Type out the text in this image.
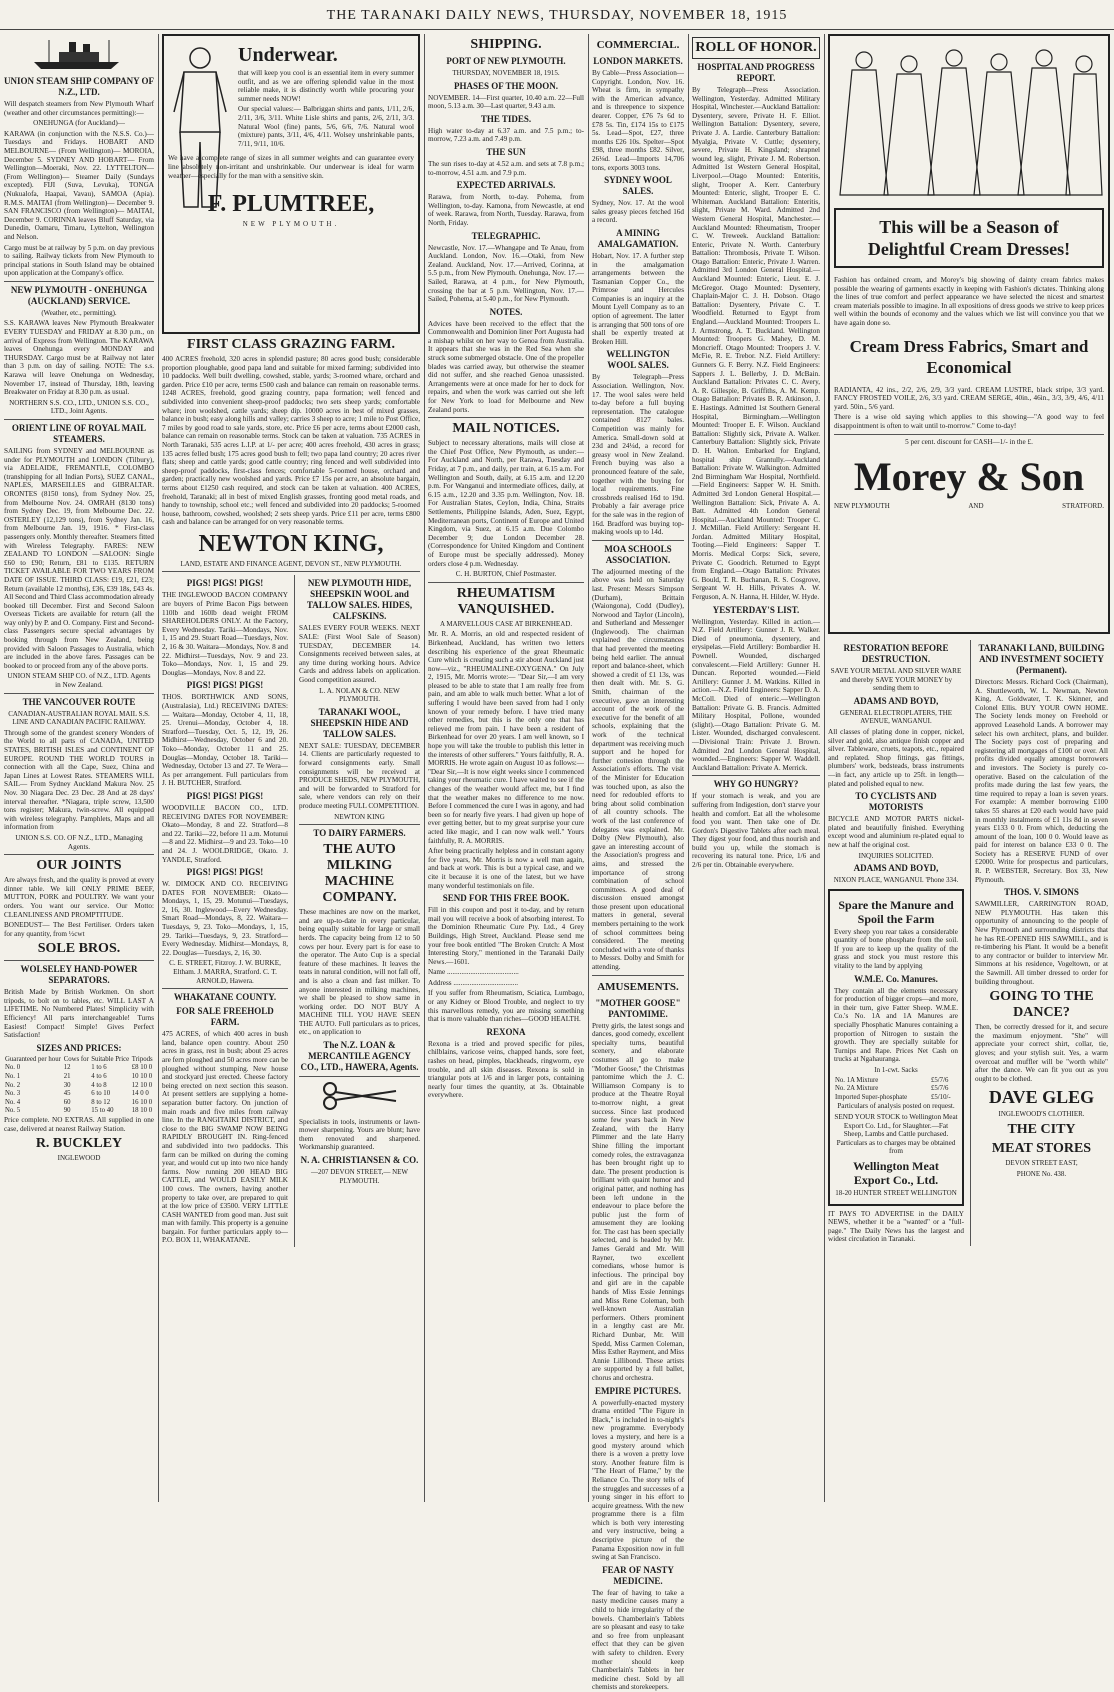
THE TARANAKI DAILY NEWS, THURSDAY, NOVEMBER 18, 1915
UNION STEAM SHIP COMPANY OF N.Z., LTD.
Will despatch steamers from New Plymouth Wharf (weather and other circumstances permitting):—
ONEHUNGA (for Auckland)—
KARAWA (in conjunction with the N.S.S. Co.)—Tuesdays and Fridays. HOBART AND MELBOURNE— (From Wellington)— MOROIA, December 5. SYDNEY AND HOBART— From Wellington—Moeraki, Nov. 22. LYTTELTON— (From Wellington)— Steamer Daily (Sundays excepted). FIJI (Suva, Levuka), TONGA (Nukualofa, Haapai, Vavau), SAMOA (Apia). R.M.S. MAITAI (from Wellington)— December 9. SAN FRANCISCO (from Wellington)— MAITAI, December 9. CORINNA leaves Bluff Saturday, via Dunedin, Oamaru, Timaru, Lyttelton, Wellington and Nelson.
Cargo must be at railway by 5 p.m. on day previous to sailing. Railway tickets from New Plymouth to principal stations in South Island may be obtained upon application at the Company's office.
NEW PLYMOUTH - ONEHUNGA (AUCKLAND) SERVICE.
(Weather, etc., permitting).
S.S. KARAWA leaves New Plymouth Breakwater EVERY TUESDAY and FRIDAY at 8.30 p.m., on arrival of Express from Wellington. The KARAWA leaves Onehunga every MONDAY and THURSDAY. Cargo must be at Railway not later than 3 p.m. on day of sailing. NOTE: The s.s. Karawa will leave Onehunga on Wednesday, November 17, instead of Thursday, 18th, leaving Breakwater on Friday at 8.30 p.m. as usual.
NORTHERN S.S. CO., LTD., UNION S.S. CO., LTD., Joint Agents.
ORIENT LINE OF ROYAL MAIL STEAMERS.
SAILING from SYDNEY and MELBOURNE as under for PLYMOUTH and LONDON (Tilbury), via ADELAIDE, FREMANTLE, COLOMBO (transhipping for all Indian Ports), SUEZ CANAL, NAPLES, MARSEILLES and GIBRALTAR. ORONTES (8150 tons), from Sydney Nov. 25, from Melbourne Nov. 24. OMRAH (8130 tons) from Sydney Dec. 19, from Melbourne Dec. 22. OSTERLEY (12,129 tons), from Sydney Jan. 16, from Melbourne Jan. 19, 1916. * First-class passengers only. Monthly thereafter. Steamers fitted with Wireless Telegraphy. FARES: NEW ZEALAND TO LONDON —SALOON: Single £60 to £90; Return, £81 to £135. RETURN TICKET AVAILABLE FOR TWO YEARS FROM DATE OF ISSUE. THIRD CLASS: £19, £21, £23; Return (available 12 months), £36, £39 18s, £43 4s. All Second and Third Class accommodation already booked till December. First and Second Saloon Overseas Tickets are available for return (all the way only) by P. and O. Company. First and Second-class Passengers secure special advantages by booking through from New Zealand, being provided with Saloon Passages to Australia, which are included in the above fares. Passages can be booked to or proceed from any of the above ports.
UNION STEAM SHIP CO. of N.Z., LTD. Agents in New Zealand.
THE VANCOUVER ROUTE
CANADIAN-AUSTRALIAN ROYAL MAIL S.S. LINE AND CANADIAN PACIFIC RAILWAY.
Through some of the grandest scenery Wonders of the World to all parts of CANADA, UNITED STATES, BRITISH ISLES and CONTINENT OF EUROPE. ROUND THE WORLD TOURS in connection with all the Cape, Suez, China and Japan Lines at Lowest Rates. STEAMERS WILL SAIL— From Sydney Auckland Makura Nov. 25 Nov. 30 Niagara Dec. 23 Dec. 28 And at 28 days' interval thereafter. *Niagara, triple screw, 13,500 tons register; Makura, twin-screw. All equipped with wireless telegraphy. Pamphlets, Maps and all information from
UNION S.S. CO. OF N.Z., LTD., Managing Agents.
OUR JOINTS
Are always fresh, and the quality is proved at every dinner table. We kill ONLY PRIME BEEF, MUTTON, PORK and POULTRY. We want your orders. You want our service. Our Motto: CLEANLINESS AND PROMPTITUDE.
BONEDUST— The Best Fertiliser. Orders taken for any quantity, from ½cwt
SOLE BROS.
WOLSELEY HAND-POWER SEPARATORS.
British Made by British Workmen. On short tripods, to bolt on to tables, etc. WILL LAST A LIFETIME. No Numbered Plates! Simplicity with Efficiency! All parts interchangeable! Turns Easiest! Compact! Simple! Gives Perfect Satisfaction!
SIZES AND PRICES:
Guaranteed per hour	Cows for	Suitable Price	Tripods
No. 0	12	1 to 6	£8 10 0
No. 1	21	4 to 6	10 10 0
No. 2	30	4 to 8	12 10 0
No. 3	45	6 to 10	14 0 0
No. 4	60	8 to 12	16 10 0
No. 5	90	15 to 40	18 10 0
Price complete. NO EXTRAS. All supplied in one case, delivered at nearest Railway Station.
R. BUCKLEY
INGLEWOOD
Underwear.
that will keep you cool is an essential item in every summer outfit, and as we are offering splendid value in the most reliable make, it is distinctly worth while procuring your summer needs NOW!
Our special values:— Balbriggan shirts and pants, 1/11, 2/6, 2/11, 3/6, 3/11. White Lisle shirts and pants, 2/6, 2/11, 3/3. Natural Wool (fine) pants, 5/6, 6/6, 7/6. Natural wool (mixture) pants, 3/11, 4/6, 4/11. Wolsey unshrinkable pants, 7/11, 9/11, 10/6.
We have a complete range of sizes in all summer weights and can guarantee every line absolutely non-irritant and unshrinkable. Our underwear is ideal for warm weather—especially for the man with a sensitive skin.
F. PLUMTREE,
NEW PLYMOUTH.
FIRST CLASS GRAZING FARM.
400 ACRES freehold, 320 acres in splendid pasture; 80 acres good bush; considerable proportion ploughable, good papa land and suitable for mixed farming; subdivided into 10 paddocks. Well built dwelling, cowshed, stable, yards; 3-roomed whare, orchard and garden. Price £10 per acre, terms £500 cash and balance can remain on reasonable terms. 1248 ACRES, freehold, good grazing country, papa formation; well fenced and subdivided into convenient sheep-proof paddocks; two sets sheep yards; comfortable whare; iron woolshed, cattle yards; sheep dip. 10000 acres in best of mixed grasses, balance in bush; easy along hills and valley; carries 3 sheep to acre; 1 mile to Post Office, 7 miles by good road to sale yards, store, etc. Price £6 per acre, terms about £2000 cash, balance can remain on reasonable terms. Stock can be taken at valuation. 735 ACRES in North Taranaki, 535 acres L.I.P. at 1/- per acre; 400 acres freehold, 430 acres in grass; 135 acres felled bush; 175 acres good bush to fell; two papa land country; 20 acres river flats; sheep and cattle yards; good cattle country; ring fenced and well subdivided into sheep-proof paddocks, first-class fences; comfortable 5-roomed house, orchard and garden; practically new woolshed and yards. Price £7 15s per acre, an absolute bargain, terms about £1250 cash required, and stock can be taken at valuation. 400 ACRES, freehold, Taranaki; all in best of mixed English grasses, fronting good metal roads, and handy to township, school etc.; well fenced and subdivided into 20 paddocks; 5-roomed house, bathroom, cowshed, woolshed; 2 sets sheep yards. Price £11 per acre, terms £800 cash and balance can be arranged for on very reasonable terms.
NEWTON KING,
LAND, ESTATE AND FINANCE AGENT, DEVON ST., NEW PLYMOUTH.
PIGS! PIGS! PIGS!
THE INGLEWOOD BACON COMPANY are buyers of Prime Bacon Pigs between 110lb and 160lb dead weight FROM SHAREHOLDERS ONLY. At the Factory, Every Wednesday. Tariki—Mondays, Nov. 1, 15 and 29. Stuart Road—Tuesdays, Nov. 2, 16 & 30. Waitara—Mondays, Nov. 8 and 22. Midhirst—Tuesdays, Nov. 9 and 23. Toko—Mondays, Nov. 1, 15 and 29. Douglas—Mondays, Nov. 8 and 22.
PIGS! PIGS! PIGS!
THOS. BORTHWICK AND SONS, (Australasia), Ltd.) RECEIVING DATES:— Waitara—Monday, October 4, 11, 18, 25. Urenui—Monday, October 4, 18. Stratford—Tuesday, Oct. 5, 12, 19, 26. Midhirst—Wednesday, October 6 and 20. Toko—Monday, October 11 and 25. Douglas—Monday, October 18. Tariki—Wednesday, October 13 and 27. Te Wera—As per arrangement. Full particulars from J. H. BUTCHER, Stratford.
PIGS! PIGS! PIGS!
WOODVILLE BACON CO., LTD. RECEIVING DATES FOR NOVEMBER: Okato—Monday, 8 and 22. Stratford—8 and 22. Tariki—22, before 11 a.m. Motunui—8 and 22. Midhirst—9 and 23. Toko—10 and 24. J. WOOLDRIDGE, Okato. J. YANDLE, Stratford.
PIGS! PIGS! PIGS!
W. DIMOCK AND CO. RECEIVING DATES FOR NOVEMBER: Okato—Mondays, 1, 15, 29. Motunui—Tuesdays, 2, 16, 30. Inglewood—Every Wednesday. Smart Road—Mondays, 8, 22. Waitara—Tuesdays, 9, 23. Toko—Mondays, 1, 15, 29. Tariki—Tuesdays, 9, 23. Stratford—Every Wednesday. Midhirst—Mondays, 8, 22. Douglas—Tuesdays, 2, 16, 30.
C. E. STREET, Fitzroy. J. W. BURKE, Eltham. J. MARRA, Stratford. C. T. ARNOLD, Hawera.
WHAKATANE COUNTY.
FOR SALE FREEHOLD FARM.
475 ACRES, of which 400 acres in bush land, balance open country. About 250 acres in grass, rest in bush; about 25 acres are fern ploughed and 50 acres more can be ploughed without stumping. New house and stockyard just erected. Cheese factory being erected on next section this season. At present settlers are supplying a home-separation butter factory. On junction of main roads and five miles from railway line. In the RANGITAIKI DISTRICT, and close to the BIG SWAMP NOW BEING RAPIDLY BROUGHT IN. Ring-fenced and subdivided into two paddocks. This farm can be milked on during the coming year, and would cut up into two nice handy farms. Now running 200 HEAD BIG CATTLE, and WOULD EASILY MILK 100 cows. The owners, having another property to take over, are prepared to quit at the low price of £3500. VERY LITTLE CASH WANTED from good man. Just suit man with family. This property is a genuine bargain. For further particulars apply to— P.O. BOX 11, WHAKATANE.
NEW PLYMOUTH HIDE, SHEEPSKIN WOOL and TALLOW SALES. HIDES, CALFSKINS.
SALES EVERY FOUR WEEKS. NEXT SALE: (First Wool Sale of Season) TUESDAY, DECEMBER 14. Consignments received between sales, at any time during working hours. Advice Cards and address labels on application. Good competition assured.
L. A. NOLAN & CO. NEW PLYMOUTH.
TARANAKI WOOL, SHEEPSKIN HIDE AND TALLOW SALES.
NEXT SALE: TUESDAY, DECEMBER 14. Clients are particularly requested to forward consignments early. Small consignments will be received at PRODUCE SHEDS, NEW PLYMOUTH, and will be forwarded to Stratford for sale, where vendors can rely on their produce meeting FULL COMPETITION.
NEWTON KING
TO DAIRY FARMERS.
THE AUTO MILKING MACHINE COMPANY.
These machines are now on the market, and are up-to-date in every particular, being equally suitable for large or small herds. The capacity being from 12 to 50 cows per hour. Every part is for ease to the operator. The Auto Cup is a special feature of these machines. It leaves the teats in natural condition, will not fall off, and is also a clean and fast milker. To anyone interested in milking machines, we shall be pleased to show same in working order. DO NOT BUY A MACHINE TILL YOU HAVE SEEN THE AUTO. Full particulars as to prices, etc., on application to
The N.Z. LOAN & MERCANTILE AGENCY CO., LTD., HAWERA, Agents.
Specialists in tools, instruments or lawn-mower sharpening. Yours are blunt; have them renovated and sharpened. Workmanship guaranteed.
N. A. CHRISTIANSEN & CO.
—207 DEVON STREET,— NEW PLYMOUTH.
SHIPPING.
PORT OF NEW PLYMOUTH.
THURSDAY, NOVEMBER 18, 1915.
PHASES OF THE MOON.
NOVEMBER. 14—First quarter, 10.40 a.m. 22—Full moon, 5.13 a.m. 30—Last quarter, 9.43 a.m.
THE TIDES.
High water to-day at 6.37 a.m. and 7.5 p.m.; to-morrow, 7.23 a.m. and 7.49 p.m.
THE SUN
The sun rises to-day at 4.52 a.m. and sets at 7.8 p.m.; to-morrow, 4.51 a.m. and 7.9 p.m.
EXPECTED ARRIVALS.
Rarawa, from North, to-day. Pohema, from Wellington, to-day. Kamona, from Newcastle, at end of week. Rarawa, from North, Tuesday. Rarawa, from North, Friday.
TELEGRAPHIC.
Newcastle, Nov. 17.—Whangape and Te Anau, from Auckland. London, Nov. 16.—Otaki, from New Zealand. Auckland, Nov. 17.—Arrived, Corinna, at 5.5 p.m., from New Plymouth. Onehunga, Nov. 17.—Sailed, Rarawa, at 4 p.m., for New Plymouth, crossing the bar at 5 p.m. Wellington, Nov. 17.—Sailed, Pohema, at 5.40 p.m., for New Plymouth.
NOTES.
Advices have been received to the effect that the Commonwealth and Dominion liner Port Augusta had a mishap whilst on her way to Genoa from Australia. It appears that she was in the Red Sea when she struck some submerged obstacle. One of the propeller blades was carried away, but otherwise the steamer did not suffer, and she reached Genoa unassisted. Arrangements were at once made for her to dock for repairs, and when the work was carried out she left for New York to load for Melbourne and New Zealand ports.
MAIL NOTICES.
Subject to necessary alterations, mails will close at the Chief Post Office, New Plymouth, as under:— For Auckland and North, per Rarawa, Tuesday and Friday, at 7 p.m., and daily, per train, at 6.15 a.m. For Wellington and South, daily, at 6.15 a.m. and 12.20 p.m. For Wanganui and intermediate offices, daily, at 6.15 a.m., 12.20 and 3.35 p.m. Wellington, Nov. 18. For Australian States, Ceylon, India, China, Straits Settlements, Philippine Islands, Aden, Suez, Egypt, Mediterranean ports, Continent of Europe and United Kingdom, via Suez, at 6.15 a.m. Due Colombo December 9; due London December 28. (Correspondence for United Kingdom and Continent of Europe must be specially addressed). Money orders close 4 p.m. Wednesday.
C. H. BURTON, Chief Postmaster.
RHEUMATISM VANQUISHED.
A MARVELLOUS CASE AT BIRKENHEAD.
Mr. R. A. Morris, an old and respected resident of Birkenhead, Auckland, has written two letters describing his experience of the great Rheumatic Cure which is creating such a stir about Auckland just now—viz., "RHEUMALINE-OXYGENA." On July 2, 1915, Mr. Morris wrote:— "Dear Sir,—I am very pleased to be able to state that I am really free from pain, and am able to walk much better. What a lot of suffering I would have been saved from had I only known of your remedy before. I have tried many other remedies, but this is the only one that has relieved me from pain. I have been a resident of Birkenhead for over 20 years. I am well known, so I hope you will take the trouble to publish this letter in the interests of other sufferers." Yours faithfully, R. A. MORRIS. He wrote again on August 10 as follows:— "Dear Sir,—It is now eight weeks since I commenced taking your rheumatic cure. I have waited to see if the changes of the weather would affect me, but I find that the weather makes no difference to me now. Before I commenced the cure I was in agony, and had been so for nearly five years. I had given up hope of ever getting better, but to my great surprise your cure acted like magic, and I can now walk well." Yours faithfully, R. A. MORRIS.
After being practically helpless and in constant agony for five years, Mr. Morris is now a well man again, and back at work. This is but a typical case, and we cite it because it is one of the latest, but we have many wonderful testimonials on file.
SEND FOR THIS FREE BOOK.
Fill in this coupon and post it to-day, and by return mail you will receive a book of absorbing interest. To the Dominion Rheumatic Cure Pty. Ltd., 4 Grey Buildings, High Street, Auckland. Please send me your free book entitled "The Broken Crutch: A Most Interesting Story," mentioned in the Taranaki Daily News.—1601.
Name ........................................
Address ....................................
If you suffer from Rheumatism, Sciatica, Lumbago, or any Kidney or Blood Trouble, and neglect to try this marvellous remedy, you are missing something that is more valuable than riches—GOOD HEALTH.
REXONA
Rexona is a tried and proved specific for piles, chilblains, varicose veins, chapped hands, sore feet, rashes on head, pimples, blackheads, ringworm, eye trouble, and all skin diseases. Rexona is sold in triangular pots at 1/6 and in larger pots, containing nearly four times the quantity, at 3s. Obtainable everywhere.
COMMERCIAL.
LONDON MARKETS.
By Cable—Press Association—Copyright. London, Nov. 16. Wheat is firm, in sympathy with the American advance, and is threepence to sixpence dearer. Copper, £76 7s 6d to £78 5s. Tin, £174 15s to £175 5s. Lead—Spot, £27, three months £26 10s. Spelter—Spot £98, three months £82. Silver, 26⅛d. Lead—Imports 14,706 tons, exports 3003 tons.
SYDNEY WOOL SALES.
Sydney, Nov. 17. At the wool sales greasy pieces fetched 16d a record.
A MINING AMALGAMATION.
Hobart, Nov. 17. A further step in the amalgamation arrangements between the Tasmanian Copper Co., the Primrose and Hercules Companies is an inquiry at the Mount Lyell Company as to an option of agreement. The latter is arranging that 500 tons of ore shall be expertly treated at Broken Hill.
WELLINGTON WOOL SALES.
By Telegraph—Press Association. Wellington, Nov. 17. The wool sales were held to-day before a full buying representation. The catalogue contained 8127 bales. Competition was mainly for America. Small-down sold at 23d and 24¼d, a record for greasy wool in New Zealand. French buying was also a pronounced feature of the sale, together with the buying for local requirements. Fine crossbreds realised 16d to 19d. Probably a fair average price for the sale was in the region of 16d. Bradford was buying top-making wools up to 14d.
MOA SCHOOLS ASSOCIATION.
The adjourned meeting of the above was held on Saturday last. Present: Messrs Simpson (Durham), Brittain (Waiongona), Codd (Dudley), Norwood and Taylor (Lincoln), and Sutherland and Messenger (Inglewood). The chairman explained the circumstances that had prevented the meeting being held earlier. The annual report and balance-sheet, which showed a credit of £1 13s, was then dealt with. Mr. S. G. Smith, chairman of the executive, gave an interesting account of the work of the executive for the benefit of all schools, explaining that the work of the technical department was receiving much support and he hoped for further cottesion through the Association's efforts. The visit of the Minister for Education was touched upon, as also the need for redoubled efforts to bring about solid combination of all country schools. The work of the last conference of delegates was explained. Mr. Dolby (New Plymouth), also gave an interesting account of the Association's progress and aims, and stressed the importance of strong combination of school committees. A good deal of discussion ensued amongst those present upon educational matters in general, several members pertaining to the work of school committees being considered. The meeting concluded with a vote of thanks to Messrs. Dolby and Smith for attending.
AMUSEMENTS.
"MOTHER GOOSE" PANTOMIME.
Pretty girls, the latest songs and dances, good comedy, excellent specialty turns, beautiful scenery, and elaborate costumes all go to make "Mother Goose," the Christmas pantomime which the J. C. Williamson Company is to produce at the Theatre Royal to-morrow night, a great success. Since last produced some few years back in New Zealand, with the Harry Plimmer and the late Harry Shine filling the important comedy roles, the extravaganza has been brought right up to date. The present production is brilliant with quaint humor and original patter, and nothing has been left undone in the endeavour to place before the public just the form of amusement they are looking for. The cast has been specially selected, and is headed by Mr. James Gerald and Mr. Will Rayner, two excellent comedians, whose humor is infectious. The principal boy and girl are in the capable hands of Miss Essie Jennings and Miss Rene Coleman, both well-known Australian performers. Others prominent in a lengthy cast are Mr. Richard Dunbar, Mr. Will Spedd, Miss Carmen Coleman, Miss Esther Rayment, and Miss Annie Lillibond. These artists are supported by a full ballet, chorus and orchestra.
EMPIRE PICTURES.
A powerfully-enacted mystery drama entitled "The Figure in Black," is included in to-night's new programme. Everybody loves a mystery, and here is a good mystery around which there is a woven a pretty love story. Another feature film is "The Heart of Flame," by the Reliance Co. The story tells of the struggles and successes of a young singer in his effort to acquire greatness. With the new programme there is a film which is both very interesting and very instructive, being a descriptive picture of the Panama Exposition now in full swing at San Francisco.
FEAR OF NASTY MEDICINE.
The fear of having to take a nasty medicine causes many a child to hide irregularity of the bowels. Chamberlain's Tablets are so pleasant and easy to take and so free from unpleasant effect that they can be given with safety to children. Every mother should keep Chamberlain's Tablets in her medicine chest. Sold by all chemists and storekeepers.
ROLL OF HONOR.
HOSPITAL AND PROGRESS REPORT.
By Telegraph—Press Association. Wellington, Yesterday. Admitted Military Hospital, Winchester.—Auckland Battalion: Dysentery, severe, Private H. F. Elliot. Wellington Battalion: Dysentery, severe, Private J. A. Lardie. Canterbury Battalion: Myalgia, Private V. Cuttle; dysentery, severe, Private H. Kingsland; shrapnel wound leg, slight, Private J. M. Robertson. Admitted 1st Western General Hospital, Liverpool.—Otago Mounted: Enteritis, slight, Trooper A. Kerr. Canterbury Mounted: Enteric, slight, Trooper E. C. Whiteman. Auckland Battalion: Enteritis, slight, Private M. Ward. Admitted 2nd Western General Hospital, Manchester.—Auckland Mounted: Rheumatism, Trooper C. W. Treweek. Auckland Battalion: Enteric, Private N. Worth. Canterbury Battalion: Thrombosis, Private T. Wilson. Otago Battalion: Enteric, Private J. Warren. Admitted 3rd London General Hospital.—Auckland Mounted: Enteric, Lieut. E. J. McGregor. Otago Mounted: Dysentery, Chaplain-Major C. J. H. Dobson. Otago Battalion: Dysentery, Private C. T. Woodfield. Returned to Egypt from England.—Auckland Mounted: Troopers L. J. Armstrong, A. T. Buckland. Wellington Mounted: Troopers G. Mahey, D. M. Moncrieff. Otago Mounted: Troopers J. V. McFie, R. E. Trebor. N.Z. Field Artillery: Gunners G. F. Berry. N.Z. Field Engineers: Sappers J. L. Bellerby, J. D. McBain. Auckland Battalion: Privates C. C. Avery, A. R. Gillespie, B. Griffiths, A. M. Kemp. Otago Battalion: Privates B. R. Atkinson, J. E. Hastings. Admitted 1st Southern General Hospital, Birmingham.—Wellington Mounted: Trooper E. F. Wilson. Auckland Battalion: Slightly sick, Private A. Walker. Canterbury Battalion: Slightly sick, Private D. H. Walton. Embarked for England, hospital ship Grantully.—Auckland Battalion: Private W. Walkington. Admitted 2nd Birmingham War Hospital, Northfield.—Field Engineers: Sapper W. H. Smith. Admitted 3rd London General Hospital.—Wellington Battalion: Sick, Private A. A. Batt. Admitted 4th London General Hospital.—Auckland Mounted: Trooper C. J. McMillan. Field Artillery: Sergeant H. Jordan. Admitted Military Hospital, Tooting.—Field Engineers: Sapper T. Morris. Medical Corps: Sick, severe, Private C. Goodrich. Returned to Egypt from England.—Otago Battalion: Privates G. Bould, T. R. Buchanan, R. S. Cosgrove, Sergeant W. H. Hills, Privates A. W. Ferguson, A. N. Hanna, H. Hilder, W. Hyde.
YESTERDAY'S LIST.
Wellington, Yesterday. Killed in action.—N.Z. Field Artillery: Gunner J. R. Walker. Died of pneumonia, dysentery, and erysipelas.—Field Artillery: Bombardier H. Pownell. Wounded, discharged convalescent.—Field Artillery: Gunner H. Duncan. Reported wounded.—Field Artillery: Gunner J. M. Watkins. Killed in action.—N.Z. Field Engineers: Sapper D. A. McColl. Died of enteric.—Wellington Battalion: Private G. B. Francis. Admitted Military Hospital, Pollone, wounded (slight).—Otago Battalion: Private G. M. Lister. Wounded, discharged convalescent.—Divisional Train: Private J. Brown. Admitted 2nd London General Hospital, wounded.—Engineers: Sapper W. Waddell. Auckland Battalion: Private A. Merrick.
WHY GO HUNGRY?
If your stomach is weak, and you are suffering from Indigestion, don't starve your health and comfort. Eat all the wholesome food you want. Then take one of Dr. Gordon's Digestive Tablets after each meal. They digest your food, and thus nourish and build you up, while the stomach is recovering its natural tone. Price, 1/6 and 2/6 per tin. Obtainable everywhere.
This will be a Season of Delightful Cream Dresses!
Fashion has ordained cream, and Morey's big showing of dainty cream fabrics makes possible the wearing of garments exactly in keeping with Fashion's dictates. Thinking along the lines of true comfort and perfect appearance we have selected the nicest and smartest cream materials possible to imagine. In all expositions of dress goods we strive to keep prices well within the bounds of economy and the values which we list will convince you that we have again done so.
Cream Dress Fabrics, Smart and Economical
RADIANTA, 42 ins., 2/2, 2/6, 2/9, 3/3 yard. CREAM LUSTRE, black stripe, 3/3 yard. FANCY FROSTED VOILE, 2/6, 3/3 yard. CREAM SERGE, 40in., 46in., 3/3, 3/9, 4/6, 4/11 yard. 50in., 5/6 yard.
There is a wise old saying which applies to this showing—"A good way to feel disappointment is often to wait until to-morrow." Come to-day!
5 per cent. discount for CASH—1/- in the £.
Morey & Son
NEW PLYMOUTH	AND	STRATFORD.
RESTORATION BEFORE DESTRUCTION.
SAVE YOUR METAL AND SILVER WARE and thereby SAVE YOUR MONEY by sending them to
ADAMS AND BOYD,
GENERAL ELECTROPLATERS, THE AVENUE, WANGANUI.
All classes of plating done in copper, nickel, silver and gold, also antique finish copper and silver. Tableware, cruets, teapots, etc., repaired and replated. Shop fittings, gas fittings, plumbers' work, bedsteads, brass instruments—in fact, any article up to 25ft. in length—plated and polished equal to new.
TO CYCLISTS AND MOTORISTS
BICYCLE AND MOTOR PARTS nickel-plated and beautifully finished. Everything except wood and aluminium re-plated equal to new at half the original cost.
INQUIRIES SOLICITED.
ADAMS AND BOYD,
NIXON PLACE, WANGANUI. 'Phone 334.
Spare the Manure and Spoil the Farm
Every sheep you rear takes a considerable quantity of bone phosphate from the soil. If you are to keep up the quality of the grass and stock you must restore this vitality to the land by applying
W.M.E. Co. Manures.
They contain all the elements necessary for production of bigger crops—and more, in their turn, give Fatter Sheep. W.M.E. Co.'s No. 1A and 1A Manures are specially Phosphatic Manures containing a proportion of Nitrogen to sustain the growth. They are specially suitable for Turnips and Rape. Prices Net Cash on trucks at Ngahauranga.
In 1-cwt. Sacks
No. 1A Mixture	£5/7/6
No. 2A Mixture	£5/7/6
Imported Super-phosphate	£5/10/-
Particulars of analysis posted on request.
SEND YOUR STOCK to Wellington Meat Export Co. Ltd., for Slaughter.—Fat Sheep, Lambs and Cattle purchased. Particulars as to charges may be obtained from
Wellington Meat Export Co., Ltd.
18-20 HUNTER STREET WELLINGTON
IT PAYS TO ADVERTISE in the DAILY NEWS, whether it be a "wanted" or a "full-page." The Daily News has the largest and widest circulation in Taranaki.
TARANAKI LAND, BUILDING AND INVESTMENT SOCIETY (Permanent).
Directors: Messrs. Richard Cock (Chairman), A. Shuttleworth, W. L. Newman, Newton King, A. Goldwater, T. K. Skinner, and Colonel Ellis. BUY YOUR OWN HOME. The Society lends money on Freehold or approved Leasehold Lands. A borrower may select his own architect, plans, and builder. The Society pays cost of preparing and registering all mortgages of £100 or over. All profits divided equally amongst borrowers and investors. The Society is purely co-operative. Based on the calculation of the profits made during the last few years, the time required to repay a loan is seven years. For example: A member borrowing £100 takes 55 shares at £20 each would have paid in monthly instalments of £1 11s 8d in seven years £133 0 0. From which, deducting the amount of the loan, 100 0 0. Would leave as paid for interest on balance £33 0 0. The Society has a RESERVE FUND of over £2000. Write for prospectus and particulars, R. P. WEBSTER, Secretary. Box 33, New Plymouth.
THOS. V. SIMONS
SAWMILLER, CARRINGTON ROAD, NEW PLYMOUTH. Has taken this opportunity of announcing to the people of New Plymouth and surrounding districts that he has RE-OPENED HIS SAWMILL, and is re-timbering his Plant. It would be a benefit to any contractor or builder to interview Mr. Simmons at his residence, Vogeltown, or at the Sawmill. All timber dressed to order for building throughout.
GOING TO THE DANCE?
Then, be correctly dressed for it, and secure the maximum enjoyment. "She" will appreciate your correct shirt, collar, tie, gloves; and your stylish suit. Yes, a warm overcoat and muffler will be "worth while" after the dance. We can fit you out as you ought to be clothed.
DAVE GLEG
INGLEWOOD'S CLOTHIER.
THE CITY
MEAT STORES
DEVON STREET EAST,
PHONE No. 438.
